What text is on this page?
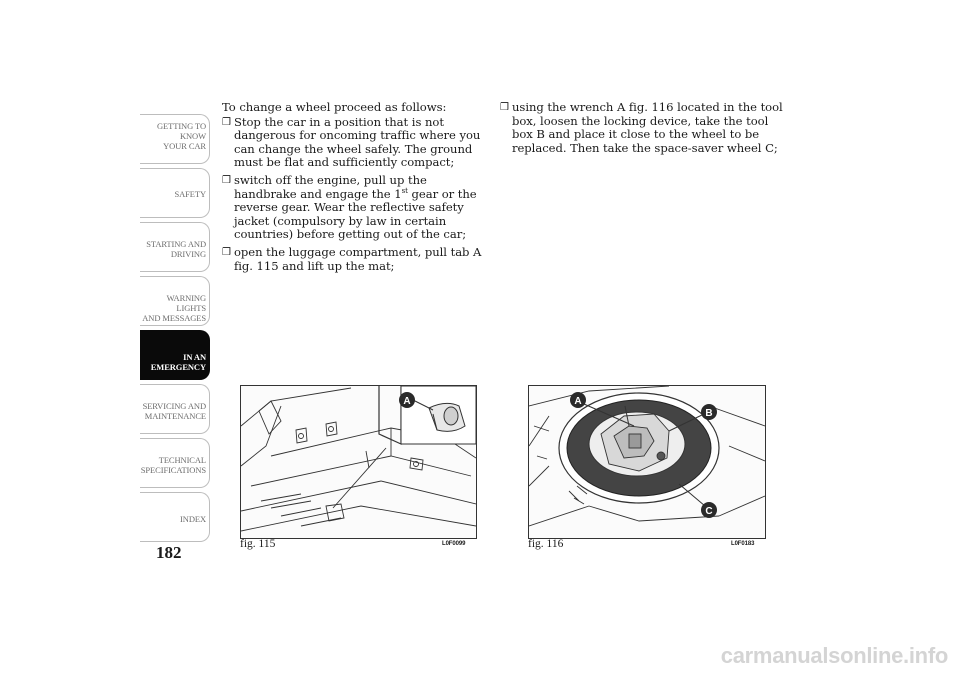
GETTING TO KNOW
YOUR CAR
SAFETY
STARTING AND
DRIVING
WARNING LIGHTS
AND MESSAGES
IN AN EMERGENCY
SERVICING AND
MAINTENANCE
TECHNICAL
SPECIFICATIONS
INDEX
182

To change a wheel proceed as follows:

❒ Stop the car in a position that is not dangerous for oncoming traffic where you can change the wheel safely. The ground must be flat and sufficiently compact;
❒ switch off the engine, pull up the handbrake and engage the 1st gear or the reverse gear. Wear the reflective safety jacket (compulsory by law in certain countries) before getting out of the car;
❒ open the luggage compartment, pull tab A fig. 115 and lift up the mat;
❒ using the wrench A fig. 116 located in the tool box, loosen the locking device, take the tool box B and place it close to the wheel to be replaced. Then take the space-saver wheel C;
A
fig. 115	L0F0099
A
B
C
fig. 116	L0F0183
carmanualsonline.info
